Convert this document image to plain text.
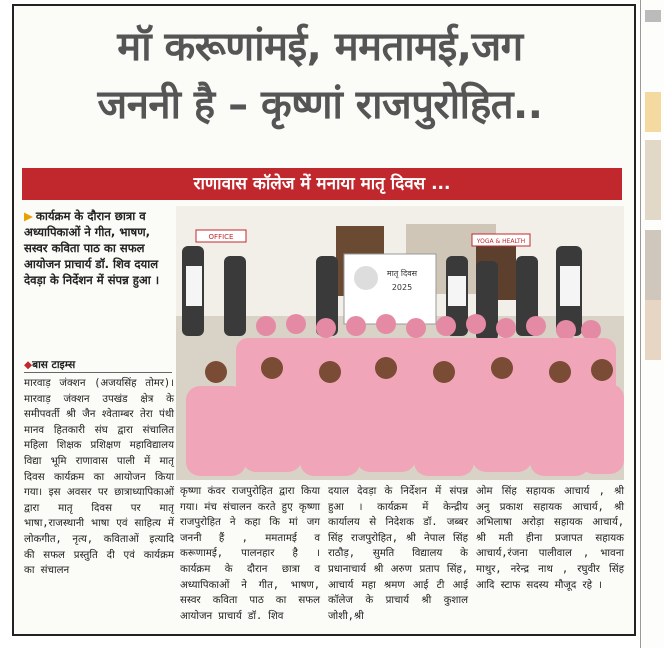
मॉ करूणांमई, ममतामई,जग
जननी है – कृष्णां राजपुरोहित..
राणावास कॉलेज में मनाया मातृ दिवस ...
▶ कार्यक्रम के दौरान छात्रा व अध्यापिकाओं ने गीत, भाषण, सस्वर कविता पाठ का सफल आयोजन प्राचार्य डॉ. शिव दयाल देवड़ा के निर्देशन में संपन्न हुआ ।
◆बास टाइम्स
OFFICE
YOGA & HEALTH
मातृ दिवस
2025
मारवाड़ जंक्शन (अजयसिंह तोमर)। मारवाड़ जंक्शन उपखंड क्षेत्र के समीपवर्ती श्री जैन श्वेताम्बर तेरा पंथी मानव हितकारी संघ द्वारा संचालित महिला शिक्षक प्रशिक्षण महाविद्यालय विद्या भूमि राणावास पाली में मातृ दिवस कार्यक्रम का आयोजन किया गया। इस अवसर पर छात्राध्यापिकाओं द्वारा मातृ दिवस पर मातृ भाषा,राजस्थानी भाषा एवं साहित्य में लोकगीत, नृत्य, कविताओं इत्यादि की सफल प्रस्तुति दी एवं कार्यक्रम का संचालन
कृष्णा कंवर राजपुरोहित द्वारा किया गया। मंच संचालन करते हुए कृष्णा राजपुरोहित ने कहा कि मां जग जननी हैं , ममतामई व करूणामई, पालनहार है । कार्यक्रम के दौरान छात्रा व अध्यापिकाओं ने गीत, भाषण, सस्वर कविता पाठ का सफल आयोजन प्राचार्य डॉ. शिव
दयाल देवड़ा के निर्देशन में संपन्न हुआ । कार्यक्रम में केन्द्रीय कार्यालय से निदेशक डॉ. जब्बर सिंह राजपुरोहित, श्री नेपाल सिंह राठौड़, सुमति विद्यालय के प्रधानाचार्य श्री अरुण प्रताप सिंह, आचार्य महा श्रमण आई टी आई कॉलेज के प्राचार्य श्री कुशाल जोशी,श्री
ओम सिंह सहायक आचार्य , श्री अनु प्रकाश सहायक आचार्य, श्री अभिलाषा अरोड़ा सहायक आचार्य, श्री मती हीना प्रजापत सहायक आचार्य,रंजना पालीवाल , भावना माथुर, नरेन्द्र नाथ , रघुवीर सिंह आदि स्टाफ सदस्य मौजूद रहे ।
